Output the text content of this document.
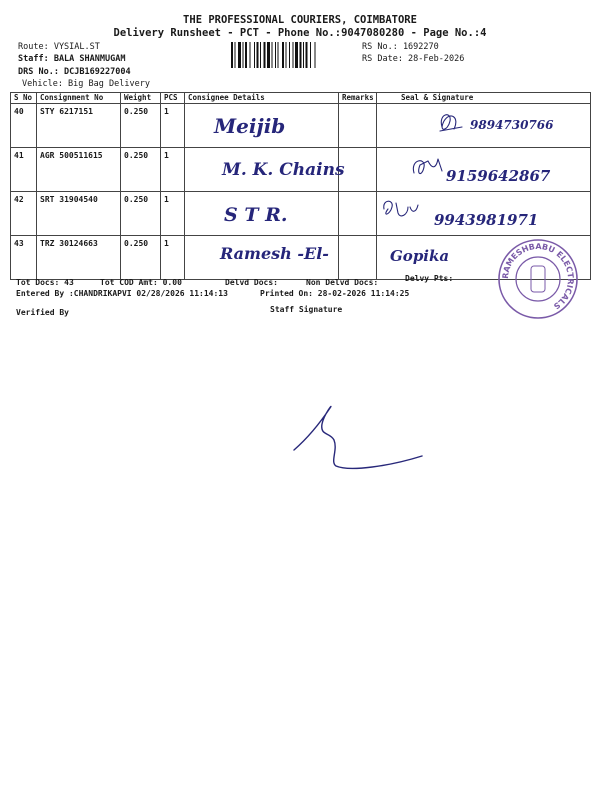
THE PROFESSIONAL COURIERS, COIMBATORE
Delivery Runsheet - PCT - Phone No.:9047080280 - Page No.:4
Route: VYSIAL.ST
Staff: BALA SHANMUGAM
DRS No.: DCJB169227004
Vehicle: Big Bag Delivery
RS No.: 1692270
RS Date: 28-Feb-2026
S No	Consignment No	Weight	PCS	Consignee Details	Remarks	Seal & Signature
40	STY 6217151	0.250	1	Meijib		9894730766

41	AGR 500511615	0.250	1	M. K. Chains		9159642867

42	SRT 31904540	0.250	1	S T R.		9943981971

43	TRZ 30124663	0.250	1	Ramesh -El-		Gopika
Tot Docs: 43	Tot COD Amt: 0.00	Delvd Docs:	Non Delvd Docs:	Delvy Pts:
Entered By :CHANDRIKAPVI 02/28/2026 11:14:13	Printed On: 28-02-2026 11:14:25
Verified By	Staff Signature
RAMESHBABU ELECTRICALS
